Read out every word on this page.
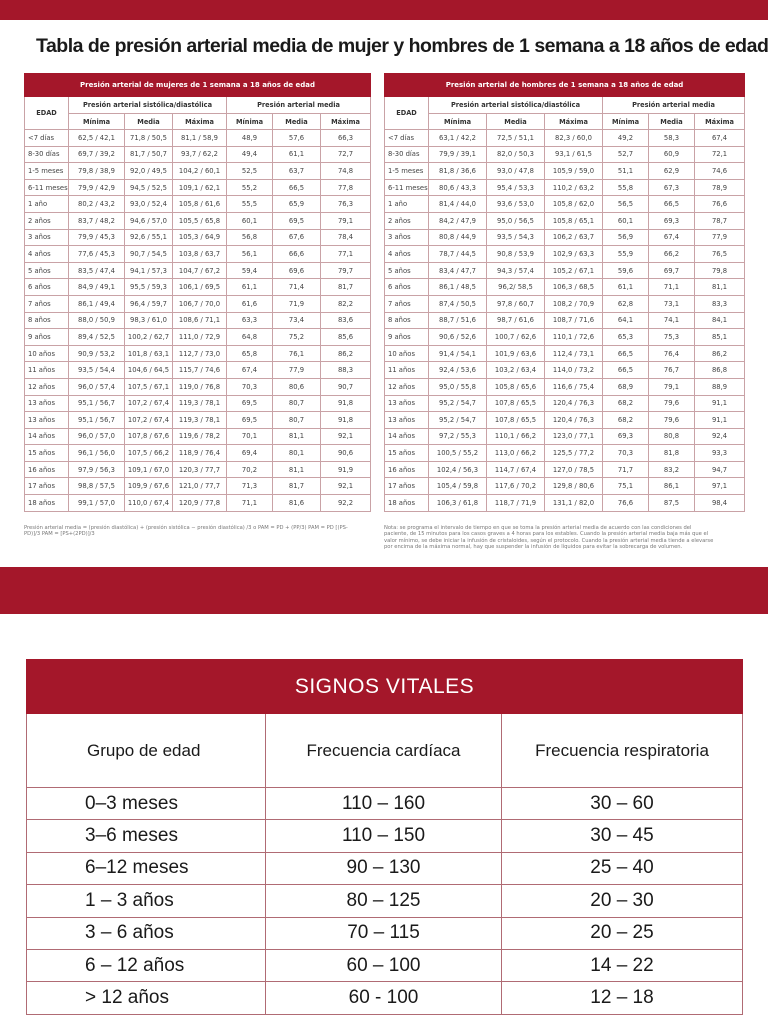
Tabla de presión arterial media de mujer y hombres de 1 semana a 18 años de edad
Presión arterial de mujeres de 1 semana a 18 años de edad						
EDAD	Presión arterial sistólica/diastólica			Presión arterial media		
	Mínima	Media	Máxima	Mínima	Media	Máxima
<7 días	62,5 / 42,1	71,8 / 50,5	81,1 / 58,9	48,9	57,6	66,3
8-30 días	69,7 / 39,2	81,7 / 50,7	93,7 / 62,2	49,4	61,1	72,7
1-5 meses	79,8 / 38,9	92,0 / 49,5	104,2 / 60,1	52,5	63,7	74,8
6-11 meses	79,9 / 42,9	94,5 / 52,5	109,1 / 62,1	55,2	66,5	77,8
1 año	80,2 / 43,2	93,0 / 52,4	105,8 / 61,6	55,5	65,9	76,3
2 años	83,7 / 48,2	94,6 / 57,0	105,5 / 65,8	60,1	69,5	79,1
3 años	79,9 / 45,3	92,6 / 55,1	105,3 / 64,9	56,8	67,6	78,4
4 años	77,6 / 45,3	90,7 / 54,5	103,8 / 63,7	56,1	66,6	77,1
5 años	83,5 / 47,4	94,1 / 57,3	104,7 / 67,2	59,4	69,6	79,7
6 años	84,9 / 49,1	95,5 / 59,3	106,1 / 69,5	61,1	71,4	81,7
7 años	86,1 / 49,4	96,4 / 59,7	106,7 / 70,0	61,6	71,9	82,2
8 años	88,0 / 50,9	98,3 / 61,0	108,6 / 71,1	63,3	73,4	83,6
9 años	89,4 / 52,5	100,2 / 62,7	111,0 / 72,9	64,8	75,2	85,6
10 años	90,9 / 53,2	101,8 / 63,1	112,7 / 73,0	65,8	76,1	86,2
11 años	93,5 / 54,4	104,6 / 64,5	115,7 / 74,6	67,4	77,9	88,3
12 años	96,0 / 57,4	107,5 / 67,1	119,0 / 76,8	70,3	80,6	90,7
13 años	95,1 / 56,7	107,2 / 67,4	119,3 / 78,1	69,5	80,7	91,8
13 años	95,1 / 56,7	107,2 / 67,4	119,3 / 78,1	69,5	80,7	91,8
14 años	96,0 / 57,0	107,8 / 67,6	119,6 / 78,2	70,1	81,1	92,1
15 años	96,1 / 56,0	107,5 / 66,2	118,9 / 76,4	69,4	80,1	90,6
16 años	97,9 / 56,3	109,1 / 67,0	120,3 / 77,7	70,2	81,1	91,9
17 años	98,8 / 57,5	109,9 / 67,6	121,0 / 77,7	71,3	81,7	92,1
18 años	99,1 / 57,0	110,0 / 67,4	120,9 / 77,8	71,1	81,6	92,2
Presión arterial de hombres de 1 semana a 18 años de edad						
EDAD	Presión arterial sistólica/diastólica			Presión arterial media		
	Mínima	Media	Máxima	Mínima	Media	Máxima
<7 días	63,1 / 42,2	72,5 / 51,1	82,3 / 60,0	49,2	58,3	67,4
8-30 días	79,9 / 39,1	82,0 / 50,3	93,1 / 61,5	52,7	60,9	72,1
1-5 meses	81,8 / 36,6	93,0 / 47,8	105,9 / 59,0	51,1	62,9	74,6
6-11 meses	80,6 / 43,3	95,4 / 53,3	110,2 / 63,2	55,8	67,3	78,9
1 año	81,4 / 44,0	93,6 / 53,0	105,8 / 62,0	56,5	66,5	76,6
2 años	84,2 / 47,9	95,0 / 56,5	105,8 / 65,1	60,1	69,3	78,7
3 años	80,8 / 44,9	93,5 / 54,3	106,2 / 63,7	56,9	67,4	77,9
4 años	78,7 / 44,5	90,8 / 53,9	102,9 / 63,3	55,9	66,2	76,5
5 años	83,4 / 47,7	94,3 / 57,4	105,2 / 67,1	59,6	69,7	79,8
6 años	86,1 / 48,5	96,2/ 58,5	106,3 / 68,5	61,1	71,1	81,1
7 años	87,4 / 50,5	97,8 / 60,7	108,2 / 70,9	62,8	73,1	83,3
8 años	88,7 / 51,6	98,7 / 61,6	108,7 / 71,6	64,1	74,1	84,1
9 años	90,6 / 52,6	100,7 / 62,6	110,1 / 72,6	65,3	75,3	85,1
10 años	91,4 / 54,1	101,9 / 63,6	112,4 / 73,1	66,5	76,4	86,2
11 años	92,4 / 53,6	103,2 / 63,4	114,0 / 73,2	66,5	76,7	86,8
12 años	95,0 / 55,8	105,8 / 65,6	116,6 / 75,4	68,9	79,1	88,9
13 años	95,2 / 54,7	107,8 / 65,5	120,4 / 76,3	68,2	79,6	91,1
13 años	95,2 / 54,7	107,8 / 65,5	120,4 / 76,3	68,2	79,6	91,1
14 años	97,2 / 55,3	110,1 / 66,2	123,0 / 77,1	69,3	80,8	92,4
15 años	100,5 / 55,2	113,0 / 66,2	125,5 / 77,2	70,3	81,8	93,3
16 años	102,4 / 56,3	114,7 / 67,4	127,0 / 78,5	71,7	83,2	94,7
17 años	105,4 / 59,8	117,6 / 70,2	129,8 / 80,6	75,1	86,1	97,1
18 años	106,3 / 61,8	118,7 / 71,9	131,1 / 82,0	76,6	87,5	98,4

Presión arterial media = (presión diastólica) + (presión sistólica − presión diastólica) /3 o PAM = PD + (PP/3) PAM = PD [(PS-PD)]/3 PAM = [PS+(2PD)]/3

Nota: se programa el intervalo de tiempo en que se toma la presión arterial media de acuerdo con las condiciones del paciente, de 15 minutos para los casos graves a 4 horas para los estables. Cuando la presión arterial media baja más que el valor mínimo, se debe iniciar la infusión de cristaloides, según el protocolo. Cuando la presión arterial media tiende a elevarse por encima de la máxima normal, hay que suspender la infusión de líquidos para evitar la sobrecarga de volumen.

SIGNOS VITALES		
Grupo de edad	Frecuencia cardíaca	Frecuencia respiratoria
0–3 meses	110 – 160	30 – 60
3–6 meses	110 – 150	30 – 45
6–12 meses	90 – 130	25 – 40
1 – 3 años	80 – 125	20 – 30
3 – 6 años	70 – 115	20 – 25
6 – 12 años	60 – 100	14 – 22
> 12 años	60 - 100	12 – 18
